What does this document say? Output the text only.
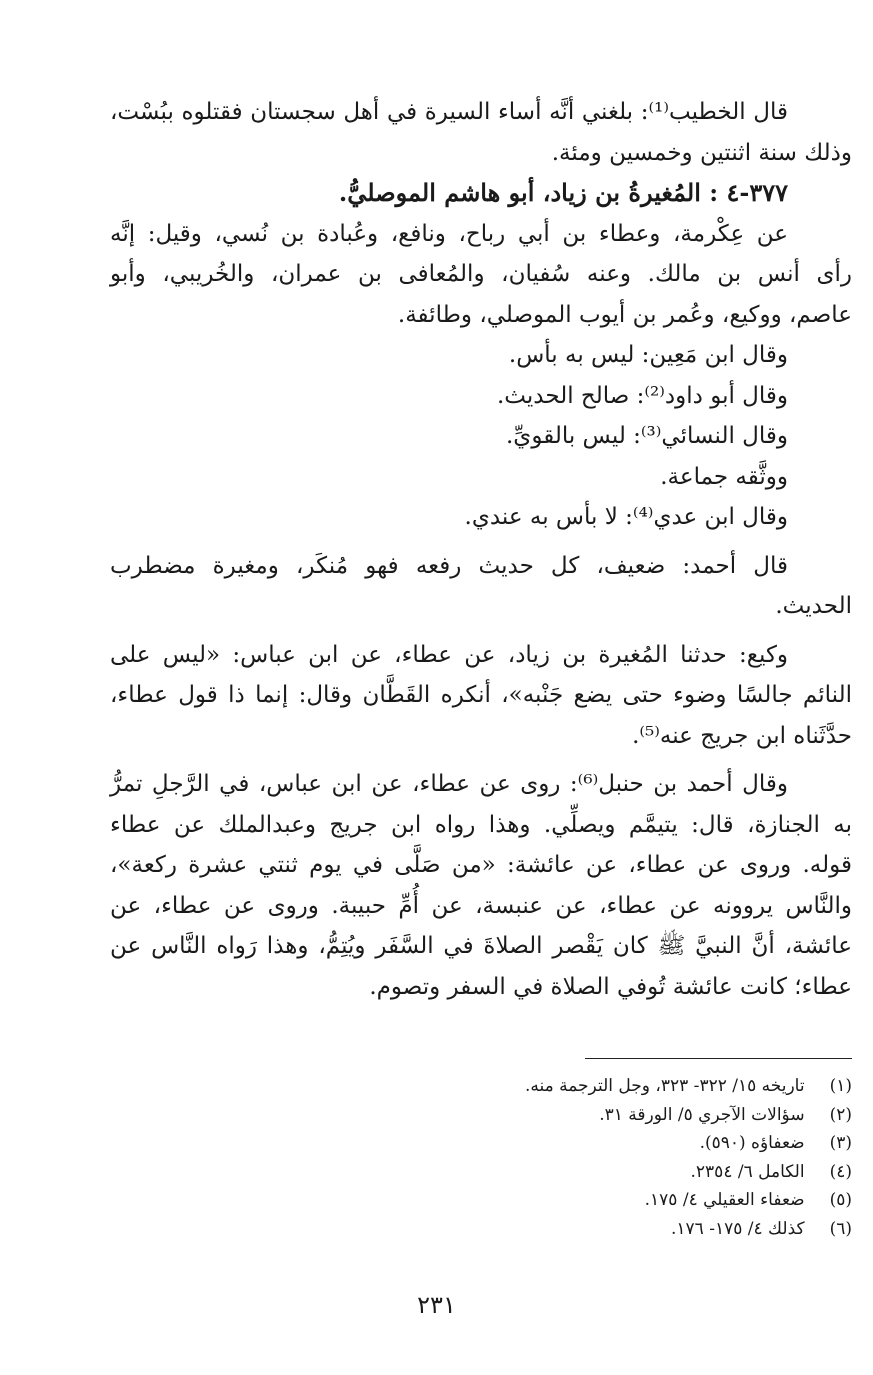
قال الخطيب⁽¹⁾: بلغني أنَّه أساء السيرة في أهل سجستان فقتلوه ببُسْت،
وذلك سنة اثنتين وخمسين ومئة.
٣٧٧-٤ : المُغيرةُ بن زياد، أبو هاشم الموصليُّ.
عن عِكْرمة، وعطاء بن أبي رباح، ونافع، وعُبادة بن نُسي، وقيل: إنَّه
رأى أنس بن مالك. وعنه سُفيان، والمُعافى بن عمران، والخُريبي، وأبو
عاصم، ووكيع، وعُمر بن أيوب الموصلي، وطائفة.
وقال ابن مَعِين: ليس به بأس.
وقال أبو داود⁽²⁾: صالح الحديث.
وقال النسائي⁽³⁾: ليس بالقويِّ.
ووثَّقه جماعة.
وقال ابن عدي⁽⁴⁾: لا بأس به عندي.
قال أحمد: ضعيف، كل حديث رفعه فهو مُنكَر، ومغيرة مضطرب
الحديث.
وكيع: حدثنا المُغيرة بن زياد، عن عطاء، عن ابن عباس: «ليس على
النائم جالسًا وضوء حتى يضع جَنْبه»، أنكره القَطَّان وقال: إنما ذا قول عطاء،
حدَّثَناه ابن جريج عنه⁽⁵⁾.
وقال أحمد بن حنبل⁽⁶⁾: روى عن عطاء، عن ابن عباس، في الرَّجلِ تمرُّ
به الجنازة، قال: يتيمَّم ويصلِّي. وهذا رواه ابن جريج وعبدالملك عن عطاء
قوله. وروى عن عطاء، عن عائشة: «من صَلَّى في يوم ثنتي عشرة ركعة»،
والنَّاس يروونه عن عطاء، عن عنبسة، عن أُمِّ حبيبة. وروى عن عطاء، عن
عائشة، أنَّ النبيَّ ﷺ كان يَقْصر الصلاةَ في السَّفَر ويُتِمُّ، وهذا رَواه النَّاس عن
عطاء؛ كانت عائشة تُوفي الصلاة في السفر وتصوم.
(١) تاريخه ١٥/ ٣٢٢- ٣٢٣، وجل الترجمة منه.
(٢) سؤالات الآجري ٥/ الورقة ٣١.
(٣) ضعفاؤه (٥٩٠).
(٤) الكامل ٦/ ٢٣٥٤.
(٥) ضعفاء العقيلي ٤/ ١٧٥.
(٦) كذلك ٤/ ١٧٥- ١٧٦.
٢٣١
